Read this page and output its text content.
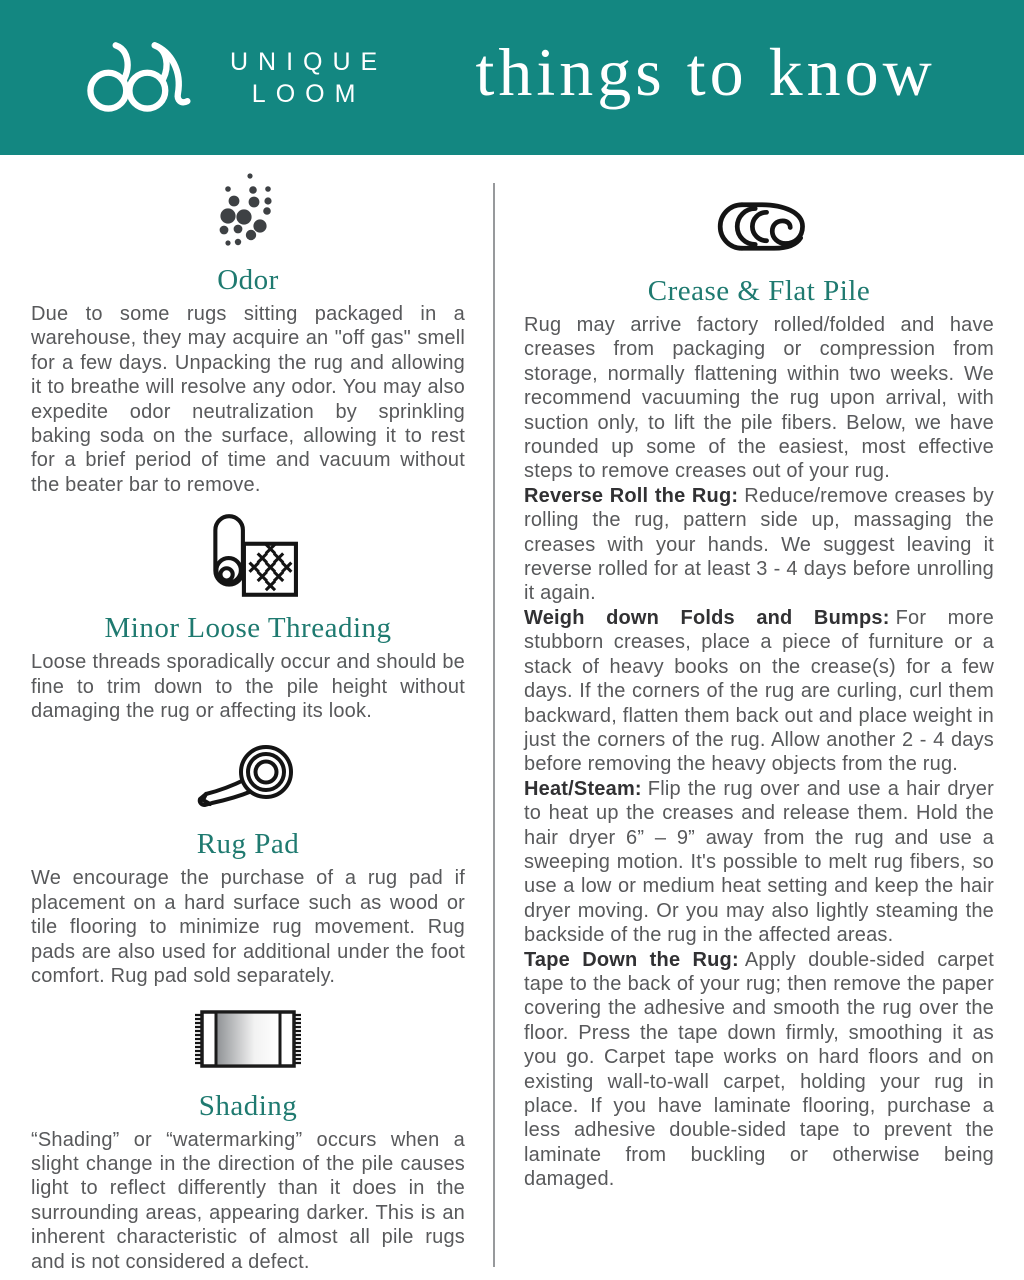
UNIQUE
LOOM	things to know
Odor

Due to some rugs sitting packaged in a warehouse, they may acquire an "off gas" smell for a few days. Unpacking the rug and allowing it to breathe will resolve any odor. You may also expedite odor neutralization by sprinkling baking soda on the surface, allowing it to rest for a brief period of time and vacuum without the beater bar to remove.

Minor Loose Threading

Loose threads sporadically occur and should be fine to trim down to the pile height without damaging the rug or affecting its look.

Rug Pad

We encourage the purchase of a rug pad if placement on a hard surface such as wood or tile flooring to minimize rug movement. Rug pads are also used for additional under the foot comfort. Rug pad sold separately.

Shading

“Shading” or “watermarking” occurs when a slight change in the direction of the pile causes light to reflect differently than it does in the surrounding areas, appearing darker. This is an inherent characteristic of almost all pile rugs and is not considered a defect.

Crease & Flat Pile

Rug may arrive factory rolled/folded and have creases from packaging or compression from storage, normally flattening within two weeks. We recommend vacuuming the rug upon arrival, with suction only, to lift the pile fibers. Below, we have rounded up some of the easiest, most effective steps to remove creases out of your rug.

Reverse Roll the Rug: Reduce/remove creases by rolling the rug, pattern side up, massaging the creases with your hands. We suggest leaving it reverse rolled for at least 3 - 4 days before unrolling it again.

Weigh down Folds and Bumps: For more stubborn creases, place a piece of furniture or a stack of heavy books on the crease(s) for a few days. If the corners of the rug are curling, curl them backward, flatten them back out and place weight in just the corners of the rug. Allow another 2 - 4 days before removing the heavy objects from the rug.

Heat/Steam: Flip the rug over and use a hair dryer to heat up the creases and release them. Hold the hair dryer 6” – 9” away from the rug and use a sweeping motion. It's possible to melt rug fibers, so use a low or medium heat setting and keep the hair dryer moving. Or you may also lightly steaming the backside of the rug in the affected areas.

Tape Down the Rug: Apply double-sided carpet tape to the back of your rug; then remove the paper covering the adhesive and smooth the rug over the floor. Press the tape down firmly, smoothing it as you go. Carpet tape works on hard floors and on existing wall-to-wall carpet, holding your rug in place. If you have laminate flooring, purchase a less adhesive double-sided tape to prevent the laminate from buckling or otherwise being damaged.
